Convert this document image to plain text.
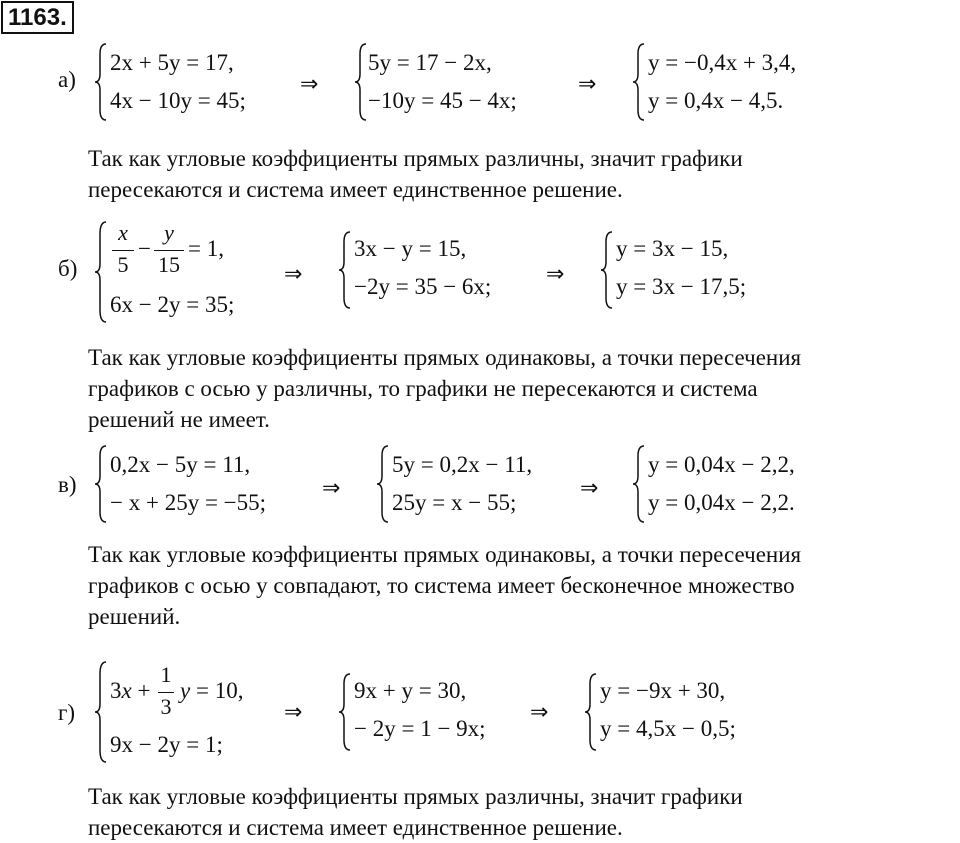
1163.
а)
2x + 5y = 17,
4x − 10y = 45;
⇒
5y = 17 − 2x,
−10y = 45 − 4x;
⇒
y = −0,4x + 3,4,
y = 0,4x − 4,5.
Так как угловые коэффициенты прямых различны, значит графики
пересекаются и система имеет единственное решение.
б)
x
5
−
y
15
= 1,
6x − 2y = 35;
⇒
3x − y = 15,
−2y = 35 − 6x; ⇒
y = 3x − 15,
y = 3x − 17,5;
Так как угловые коэффициенты прямых одинаковы, а точки пересечения
графиков с осью y различны, то графики не пересекаются и система
решений не имеет.
в)
0,2x − 5y = 11,
− x + 25y = −55;
⇒
5y = 0,2x − 11,
25y = x − 55;
⇒
y = 0,04x − 2,2,
y = 0,04x − 2,2.
Так как угловые коэффициенты прямых одинаковы, а точки пересечения
графиков с осью y совпадают, то система имеет бесконечное множество
решений.
г)
3x +
1
3
y = 10,
9x − 2y = 1;
⇒
9x + y = 30,
− 2y = 1 − 9x;
⇒
y = −9x + 30,
y = 4,5x − 0,5;
Так как угловые коэффициенты прямых различны, значит графики
пересекаются и система имеет единственное решение.
